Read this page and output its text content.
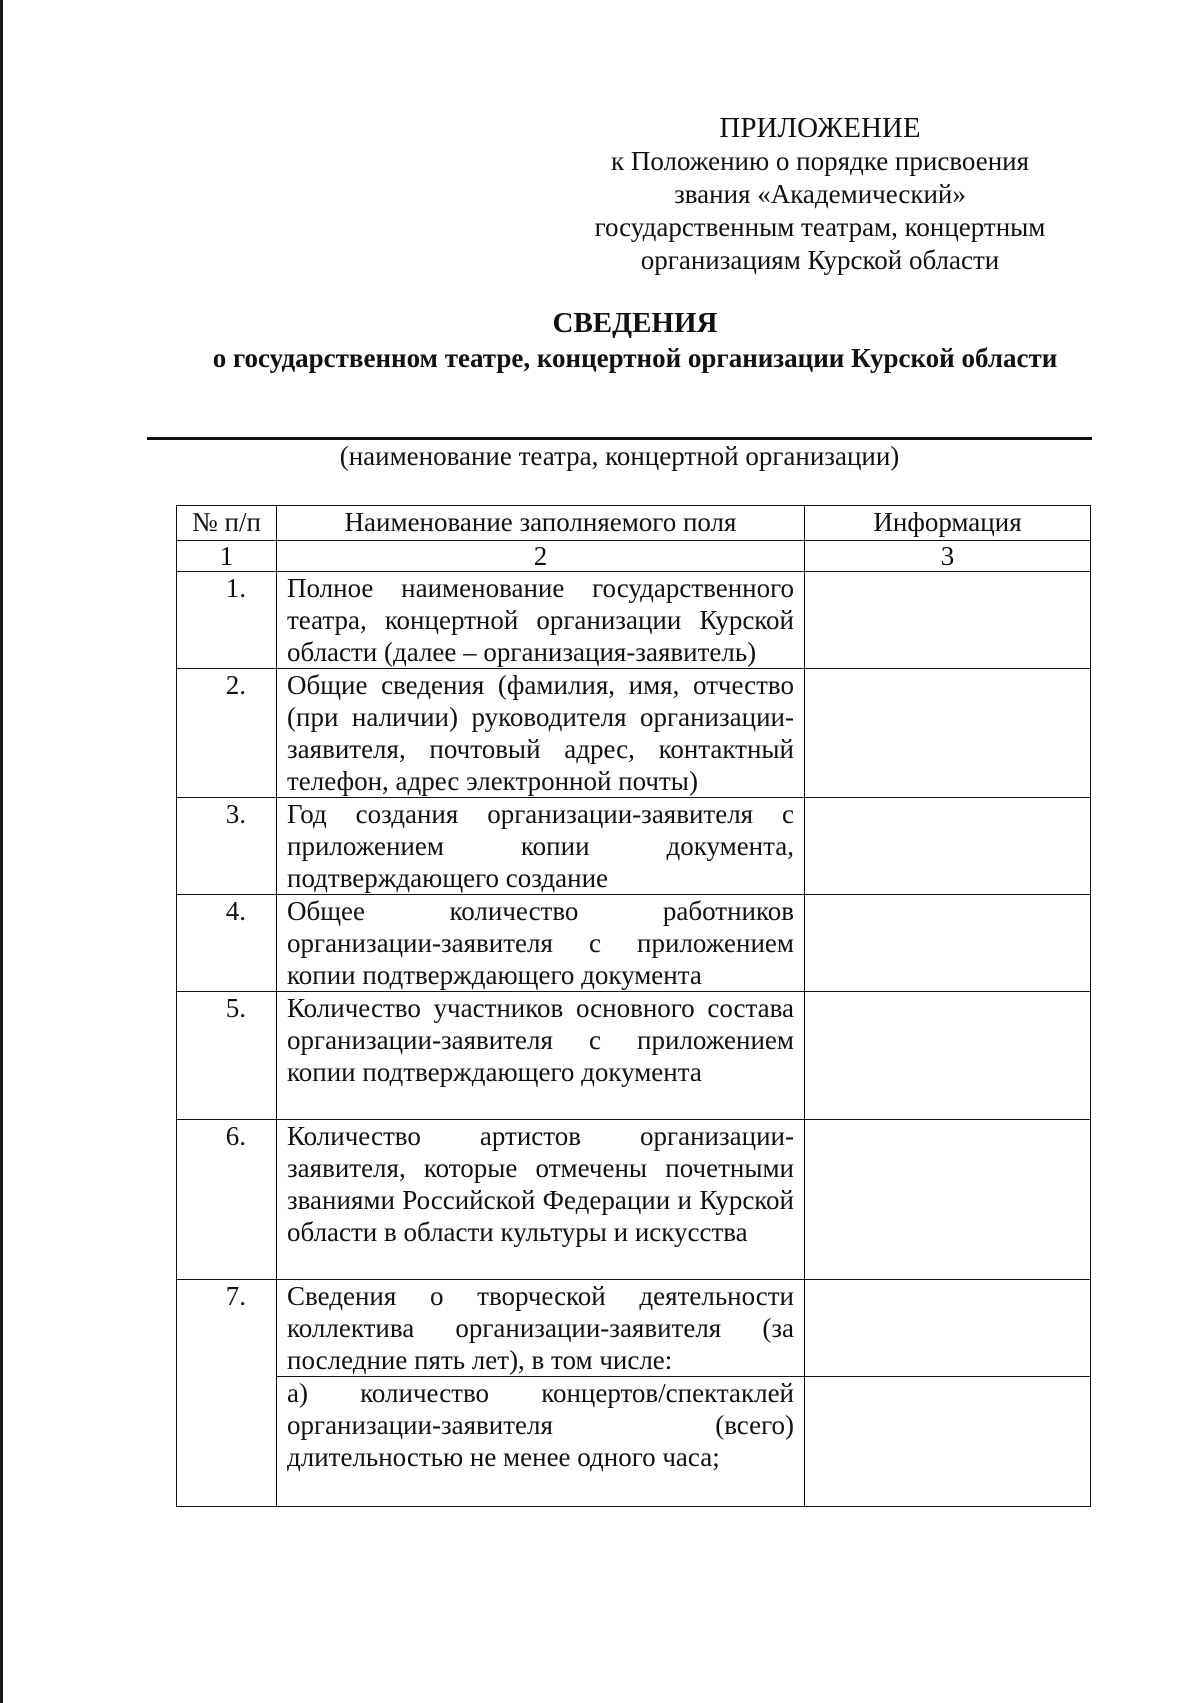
ПРИЛОЖЕНИЕ
к Положению о порядке присвоения
звания «Академический»
государственным театрам, концертным
организациям Курской области
СВЕДЕНИЯ
о государственном театре, концертной организации Курской области
(наименование театра, концертной организации)
№ п/п	Наименование заполняемого поля	Информация
1	2	3
1.	Полное наименование государственного театра, концертной организации Курской области (далее – организация-заявитель)	
2.	Общие сведения (фамилия, имя, отчество (при наличии) руководителя организации-заявителя, почтовый адрес, контактный телефон, адрес электронной почты)	
3.	Год создания организации-заявителя с приложением копии документа, подтверждающего создание	
4.	Общее количество работников организации-заявителя с приложением копии подтверждающего документа	
5.	Количество участников основного состава организации-заявителя с приложением копии подтверждающего документа	
6.	Количество артистов организации-заявителя, которые отмечены почетными званиями Российской Федерации и Курской области в области культуры и искусства	
7.	Сведения о творческой деятельности коллектива организации-заявителя (за последние пять лет), в том числе:	
	а) количество концертов/спектаклей организации-заявителя (всего) длительностью не менее одного часа;	
